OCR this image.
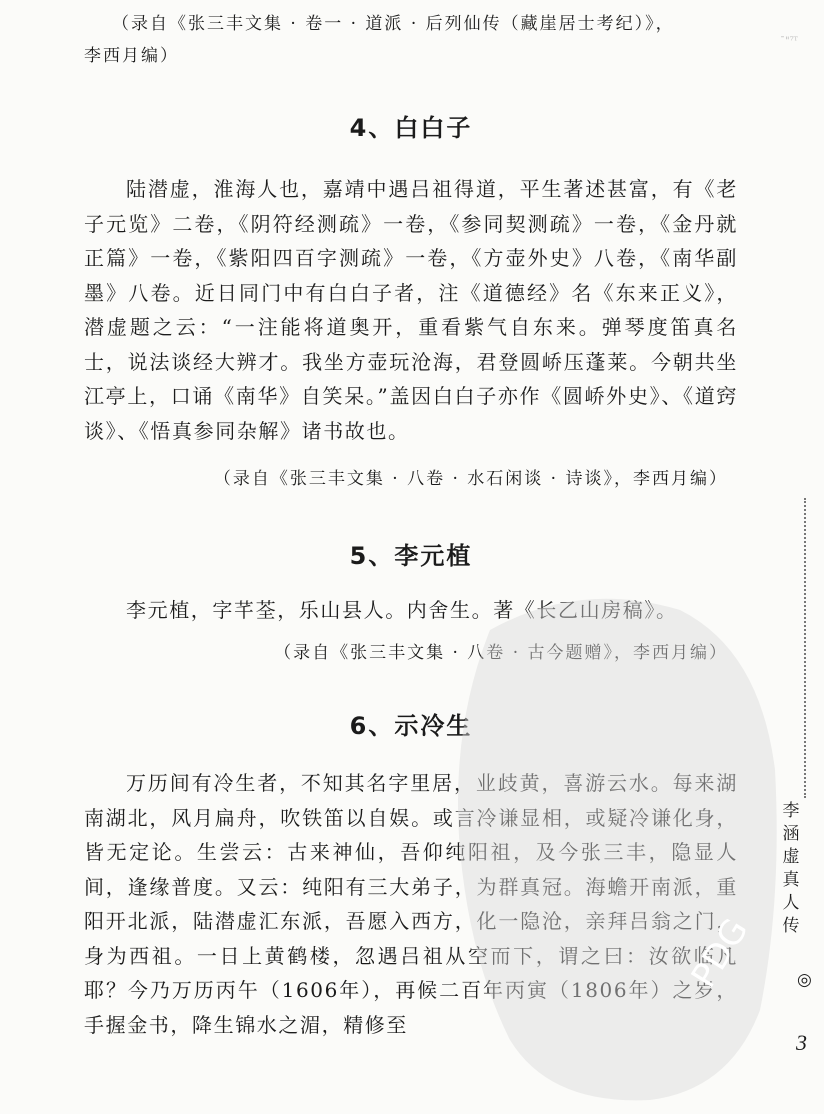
（录自《张三丰文集 · 卷一 · 道派 · 后列仙传（藏崖居士考纪）》，

李西月编）

ˉ"⁷ᵀ
4、白白子

陆潜虚，淮海人也，嘉靖中遇吕祖得道，平生著述甚富，有《老子元览》二卷，《阴符经测疏》一卷，《参同契测疏》一卷，《金丹就正篇》一卷，《紫阳四百字测疏》一卷，《方壶外史》八卷，《南华副墨》八卷。近日同门中有白白子者，注《道德经》名《东来正义》，潜虚题之云：“一注能将道奥开，重看紫气自东来。弹琴度笛真名士，说法谈经大辨才。我坐方壶玩沧海，君登圆峤压蓬莱。今朝共坐江亭上，口诵《南华》自笑呆。”盖因白白子亦作《圆峤外史》、《道窍谈》、《悟真参同杂解》诸书故也。

（录自《张三丰文集 · 八卷 · 水石闲谈 · 诗谈》，李西月编）

5、李元植

李元植，字芊荃，乐山县人。内舍生。著《长乙山房稿》。

（录自《张三丰文集 · 八卷 · 古今题赠》，李西月编）

6、示冷生

万历间有冷生者，不知其名字里居，业歧黄，喜游云水。每来湖南湖北，风月扁舟，吹铁笛以自娱。或言冷谦显相，或疑冷谦化身，皆无定论。生尝云：古来神仙，吾仰纯阳祖，及今张三丰，隐显人间，逢缘普度。又云：纯阳有三大弟子，为群真冠。海蟾开南派，重阳开北派，陆潜虚汇东派，吾愿入西方，化一隐沧，亲拜吕翁之门，身为西祖。一日上黄鹤楼，忽遇吕祖从空而下，谓之曰：汝欲临凡耶？今乃万历丙午（1606年），再候二百年丙寅（1806年）之岁，手握金书，降生锦水之湄，精修至

PDG
李涵虚真人传
◎
3
